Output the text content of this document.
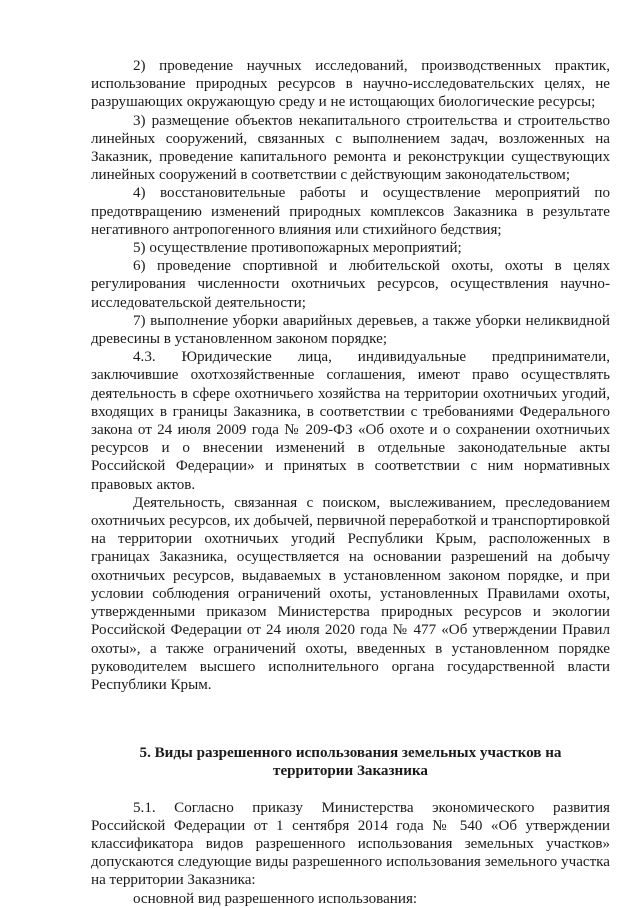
2) проведение научных исследований, производственных практик, использование природных ресурсов в научно-исследовательских целях, не разрушающих окружающую среду и не истощающих биологические ресурсы;

3) размещение объектов некапитального строительства и строительство линейных сооружений, связанных с выполнением задач, возложенных на Заказник, проведение капитального ремонта и реконструкции существующих линейных сооружений в соответствии с действующим законодательством;

4) восстановительные работы и осуществление мероприятий по предотвращению изменений природных комплексов Заказника в результате негативного антропогенного влияния или стихийного бедствия;

5) осуществление противопожарных мероприятий;

6) проведение спортивной и любительской охоты, охоты в целях регулирования численности охотничьих ресурсов, осуществления научно-исследовательской деятельности;

7) выполнение уборки аварийных деревьев, а также уборки неликвидной древесины в установленном законом порядке;

4.3. Юридические лица, индивидуальные предприниматели, заключившие охотхозяйственные соглашения, имеют право осуществлять деятельность в сфере охотничьего хозяйства на территории охотничьих угодий, входящих в границы Заказника, в соответствии с требованиями Федерального закона от 24 июля 2009 года № 209-ФЗ «Об охоте и о сохранении охотничьих ресурсов и о внесении изменений в отдельные законодательные акты Российской Федерации» и принятых в соответствии с ним нормативных правовых актов.

Деятельность, связанная с поиском, выслеживанием, преследованием охотничьих ресурсов, их добычей, первичной переработкой и транспортировкой на территории охотничьих угодий Республики Крым, расположенных в границах Заказника, осуществляется на основании разрешений на добычу охотничьих ресурсов, выдаваемых в установленном законом порядке, и при условии соблюдения ограничений охоты, установленных Правилами охоты, утвержденными приказом Министерства природных ресурсов и экологии Российской Федерации от 24 июля 2020 года № 477 «Об утверждении Правил охоты», а также ограничений охоты, введенных в установленном порядке руководителем высшего исполнительного органа государственной власти Республики Крым.

5. Виды разрешенного использования земельных участков на
территории Заказника

5.1. Согласно приказу Министерства экономического развития Российской Федерации от 1 сентября 2014 года № 540 «Об утверждении классификатора видов разрешенного использования земельных участков» допускаются следующие виды разрешенного использования земельного участка на территории Заказника:

основной вид разрешенного использования:
